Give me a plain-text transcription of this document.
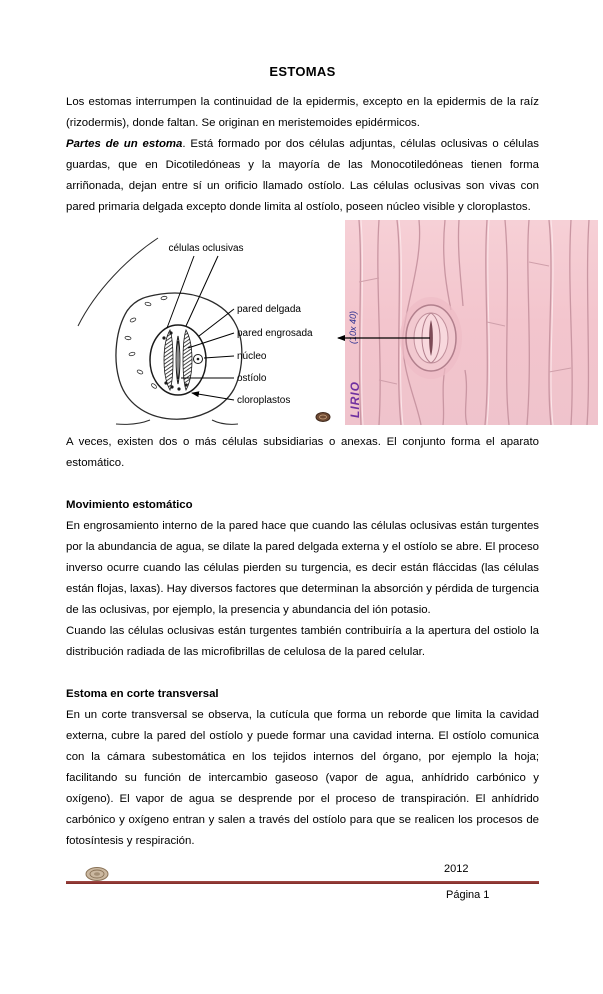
ESTOMAS

Los estomas interrumpen la continuidad de la epidermis, excepto en la epidermis de la raíz (rizodermis), donde faltan. Se originan en meristemoides epidérmicos.

Partes de un estoma. Está formado por dos células adjuntas, células oclusivas o células guardas, que en Dicotiledóneas y la mayoría de las Monocotiledóneas tienen forma arriñonada, dejan entre sí un orificio llamado ostíolo. Las células oclusivas son vivas con pared primaria delgada excepto donde limita al ostíolo, poseen núcleo visible y cloroplastos.

células oclusivas
pared delgada
pared engrosada
núcleo
ostíolo
cloroplastos
(10x 40)
LIRIO

A veces, existen dos o más células subsidiarias o anexas. El conjunto forma el aparato estomático.

Movimiento estomático

En engrosamiento interno de la pared hace que cuando las células oclusivas están turgentes por la abundancia de agua, se dilate la pared delgada externa y el ostíolo se abre. El proceso inverso ocurre cuando las células pierden su turgencia, es decir están fláccidas (las células están flojas, laxas). Hay diversos factores que determinan la absorción y pérdida de turgencia de las oclusivas, por ejemplo, la presencia y abundancia del ión potasio.

Cuando las células oclusivas están turgentes también contribuiría a la apertura del ostiolo la distribución radiada de las microfibrillas de celulosa de la pared celular.

Estoma en corte transversal

En un corte transversal se observa, la cutícula que forma un reborde que limita la cavidad externa, cubre la pared del ostíolo y puede formar una cavidad interna. El ostíolo comunica con la cámara subestomática en los tejidos internos del órgano, por ejemplo la hoja; facilitando su función de intercambio gaseoso (vapor de agua, anhídrido carbónico y oxígeno). El vapor de agua se desprende por el proceso de transpiración. El anhídrido carbónico y oxígeno entran y salen a través del ostíolo para que se realicen los procesos de fotosíntesis y respiración.

2012
Página 1
